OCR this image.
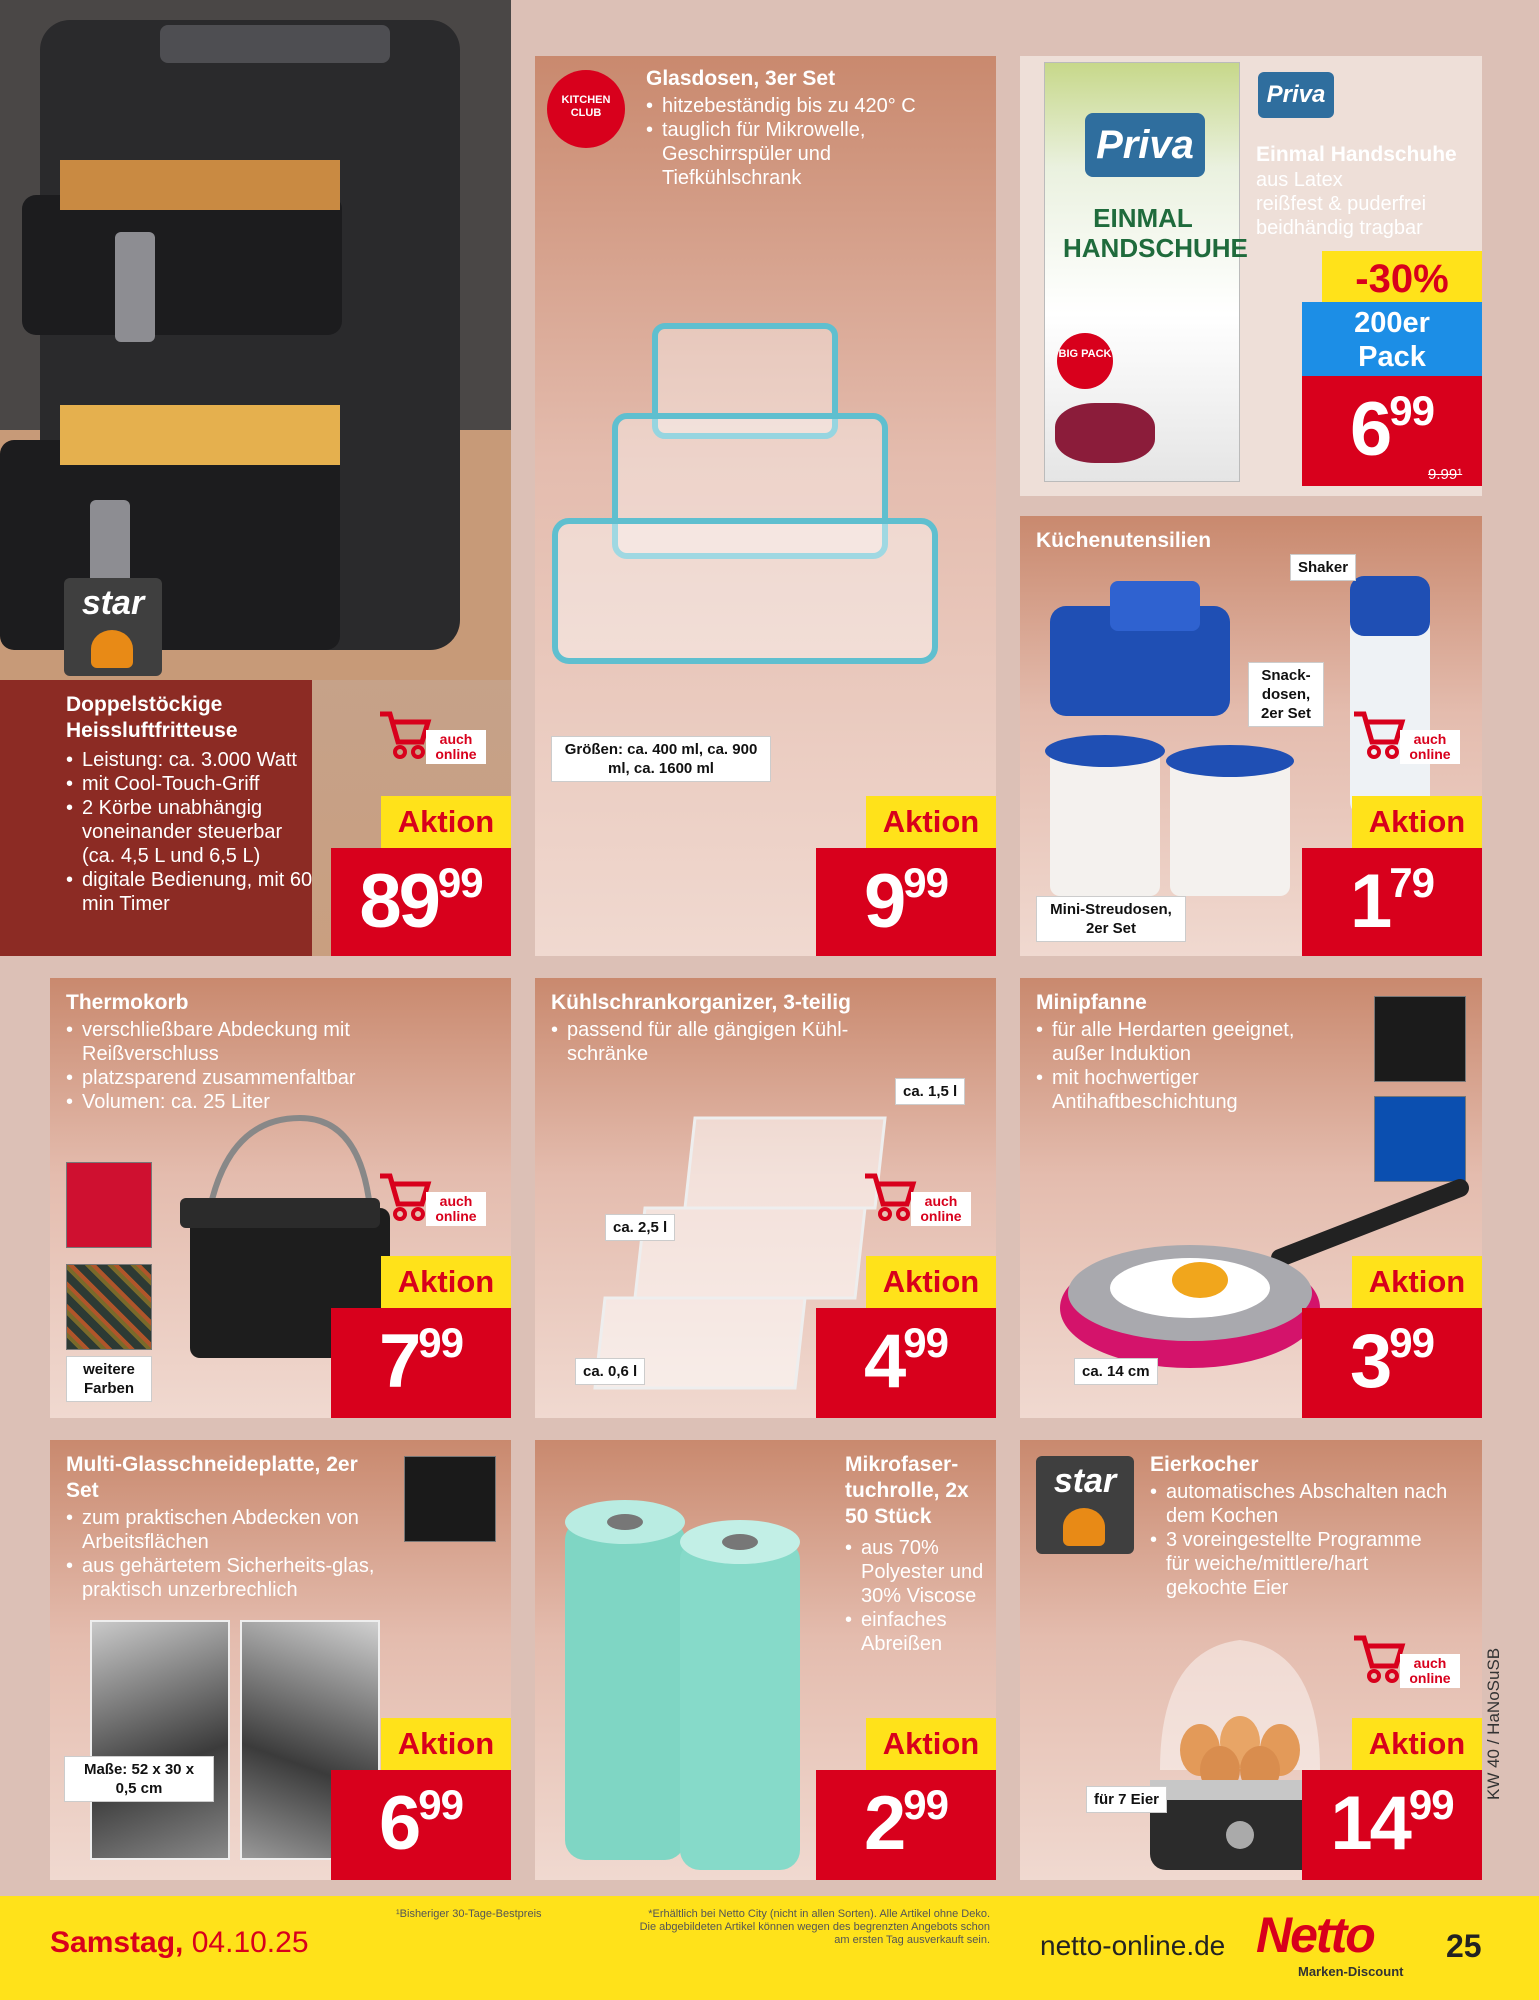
star
Doppelstöckige Heissluftfritteuse
• Leistung: ca. 3.000 Watt
• mit Cool-Touch-Griff
• 2 Körbe unabhängig voneinander steuerbar (ca. 4,5 L und 6,5 L)
• digitale Bedienung, mit 60 min Timer
auch online
Aktion
8999
KITCHEN CLUB
Glasdosen, 3er Set
• hitzebeständig bis zu 420° C
• tauglich für Mikrowelle, Geschirrspüler und Tiefkühlschrank
Größen: ca. 400 ml, ca. 900 ml, ca. 1600 ml
Aktion
999
Priva
EINMAL HANDSCHUHE
BIG PACK
Priva
Einmal Handschuhe
aus Latex
reißfest & puderfrei
beidhändig tragbar
-30%
200er Pack
699
9.99¹
Küchenutensilien
Shaker
Snack-dosen, 2er Set
Mini-Streudosen, 2er Set
auch online
Aktion
179
Thermokorb
• verschließbare Abdeckung mit Reißverschluss
• platzsparend zusammenfaltbar
• Volumen: ca. 25 Liter
weitere Farben
auch online
Aktion
799
Kühlschrankorganizer, 3-teilig
• passend für alle gängigen Kühl-schränke
ca. 1,5 l
ca. 2,5 l
ca. 0,6 l
auch online
Aktion
499
Minipfanne
• für alle Herdarten geeignet, außer Induktion
• mit hochwertiger Antihaftbeschichtung
ca. 14 cm
Aktion
399
Multi-Glasschneideplatte, 2er Set
• zum praktischen Abdecken von Arbeitsflächen
• aus gehärtetem Sicherheits-glas, praktisch unzerbrechlich
Maße: 52 x 30 x 0,5 cm
Aktion
699
Mikrofaser-tuchrolle, 2x 50 Stück
• aus 70% Polyester und 30% Viscose
• einfaches Abreißen
Aktion
299
star	Eierkocher
• automatisches Abschalten nach dem Kochen
• 3 voreingestellte Programme für weiche/mittlere/hart gekochte Eier
für 7 Eier
auch online
Aktion
1499
KW 40 / HaNoSuSB
Samstag, 04.10.25
¹Bisheriger 30-Tage-Bestpreis	*Erhältlich bei Netto City (nicht in allen Sorten). Alle Artikel ohne Deko. Die abgebildeten Artikel können wegen des begrenzten Angebots schon am ersten Tag ausverkauft sein. netto-online.de Netto
Marken-Discount
25
